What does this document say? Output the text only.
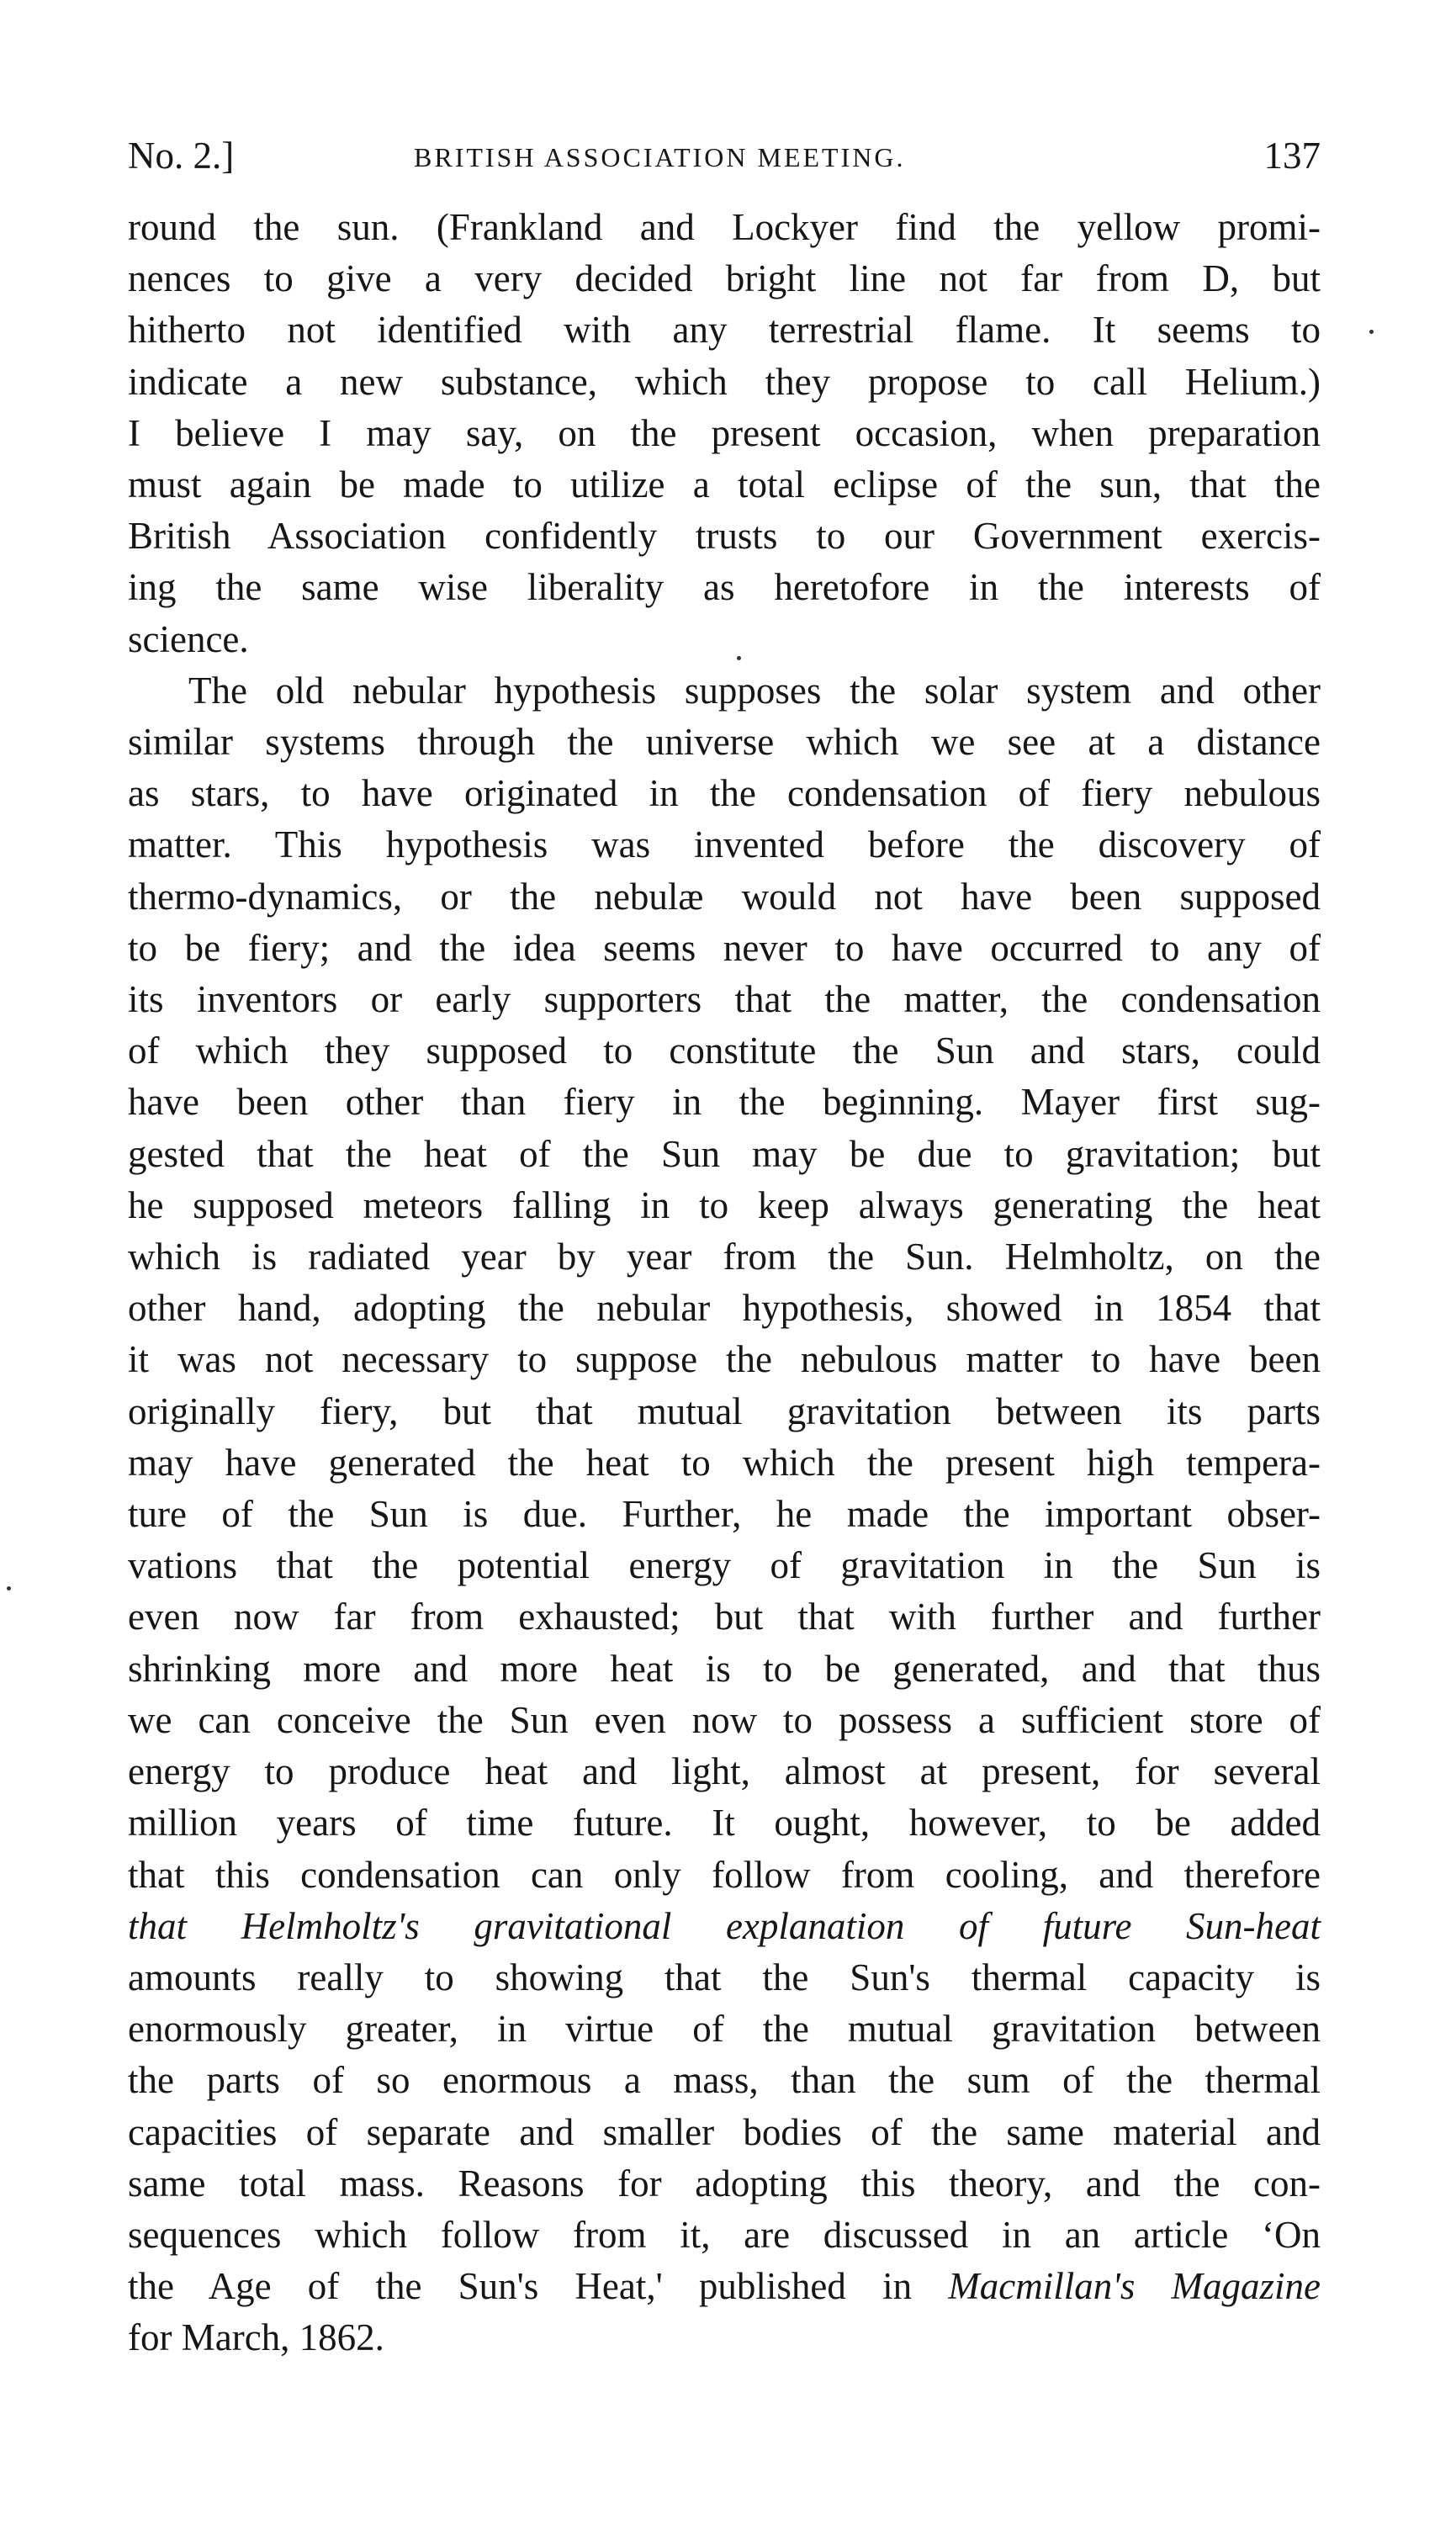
No. 2.]	BRITISH ASSOCIATION MEETING.	137

round the sun. (Frankland and Lockyer find the yellow promi-
nences to give a very decided bright line not far from D, but
hitherto not identified with any terrestrial flame. It seems to
indicate a new substance, which they propose to call Helium.)
I believe I may say, on the present occasion, when preparation
must again be made to utilize a total eclipse of the sun, that the
British Association confidently trusts to our Government exercis-
ing the same wise liberality as heretofore in the interests of
science.

The old nebular hypothesis supposes the solar system and other
similar systems through the universe which we see at a distance
as stars, to have originated in the condensation of fiery nebulous
matter. This hypothesis was invented before the discovery of
thermo-dynamics, or the nebulæ would not have been supposed
to be fiery; and the idea seems never to have occurred to any of
its inventors or early supporters that the matter, the condensation
of which they supposed to constitute the Sun and stars, could
have been other than fiery in the beginning. Mayer first sug-
gested that the heat of the Sun may be due to gravitation; but
he supposed meteors falling in to keep always generating the heat
which is radiated year by year from the Sun. Helmholtz, on the
other hand, adopting the nebular hypothesis, showed in 1854 that
it was not necessary to suppose the nebulous matter to have been
originally fiery, but that mutual gravitation between its parts
may have generated the heat to which the present high tempera-
ture of the Sun is due. Further, he made the important obser-
vations that the potential energy of gravitation in the Sun is
even now far from exhausted; but that with further and further
shrinking more and more heat is to be generated, and that thus
we can conceive the Sun even now to possess a sufficient store of
energy to produce heat and light, almost at present, for several
million years of time future. It ought, however, to be added
that this condensation can only follow from cooling, and therefore
that Helmholtz's gravitational explanation of future Sun-heat
amounts really to showing that the Sun's thermal capacity is
enormously greater, in virtue of the mutual gravitation between
the parts of so enormous a mass, than the sum of the thermal
capacities of separate and smaller bodies of the same material and
same total mass. Reasons for adopting this theory, and the con-
sequences which follow from it, are discussed in an article ‘On
the Age of the Sun's Heat,' published in Macmillan's Magazine
for March, 1862.
